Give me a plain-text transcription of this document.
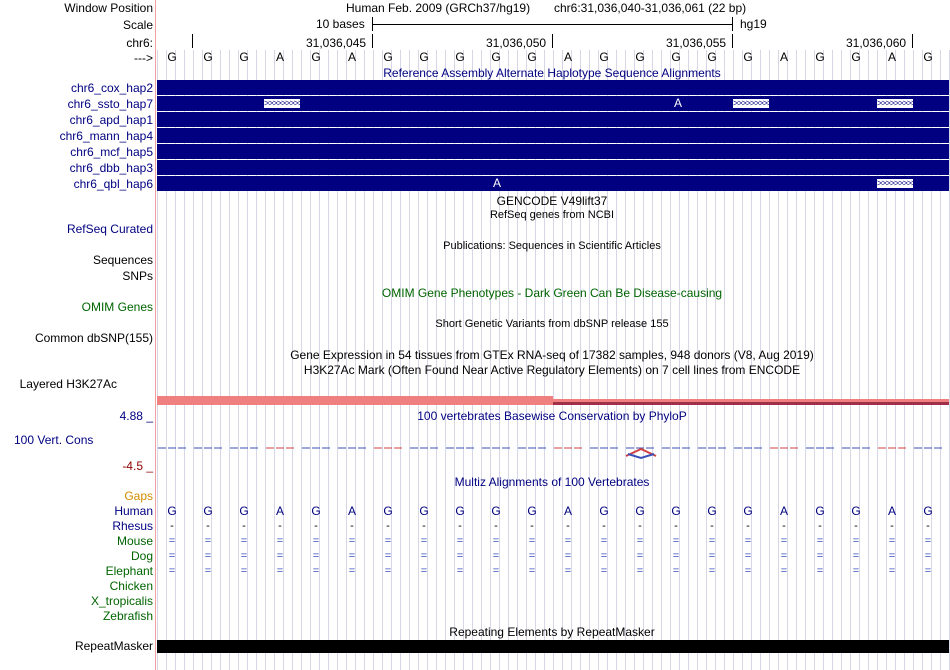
Window Position	Human Feb. 2009 (GRCh37/hg19) chr6:31,036,040-31,036,061 (22 bp)
Scale	10 bases	hg19
chr6:	31,036,045	31,036,050	31,036,055	31,036,060
--->	G	G	G	A	G	A	G	G	G	G	G	A	G	G	G	G	G	A	G	G	A	G
Reference Assembly Alternate Haplotype Sequence Alignments
chr6_cox_hap2
chr6_ssto_hap7
chr6_apd_hap1
chr6_mann_hap4
chr6_mcf_hap5
chr6_dbb_hap3
chr6_qbl_hap6
>>>>>>>>>>	>>>>>>>>>>	>>>>>>>>>>
A
>>>>>>>>>>
A
GENCODE V49lift37
RefSeq genes from NCBI
RefSeq Curated
Publications: Sequences in Scientific Articles
Sequences
SNPs
OMIM Gene Phenotypes - Dark Green Can Be Disease-causing
OMIM Genes
Short Genetic Variants from dbSNP release 155
Common dbSNP(155)
Gene Expression in 54 tissues from GTEx RNA-seq of 17382 samples, 948 donors (V8, Aug 2019)
H3K27Ac Mark (Often Found Near Active Regulatory Elements) on 7 cell lines from ENCODE
Layered H3K27Ac
4.88 _	100 vertebrates Basewise Conservation by PhyloP
100 Vert. Cons
-4.5 _
Multiz Alignments of 100 Vertebrates
Gaps
Human	G	G	G	A	G	A	G	G	G	G	G	A	G	G	G	G	G	A	G	G	A	G
Rhesus	-	-	-	-	-	-	-	-	-	-	-	-	-	-	-	-	-	-	-	-	-	-
Mouse	=	=	=	=	=	=	=	=	=	=	=	=	=	=	=	=	=	=	=	=	=	=
Dog	=	=	=	=	=	=	=	=	=	=	=	=	=	=	=	=	=	=	=	=	=	=
Elephant	=	=	=	=	=	=	=	=	=	=	=	=	=	=	=	=	=	=	=	=	=	=
Chicken
X_tropicalis
Zebrafish
Repeating Elements by RepeatMasker
RepeatMasker
